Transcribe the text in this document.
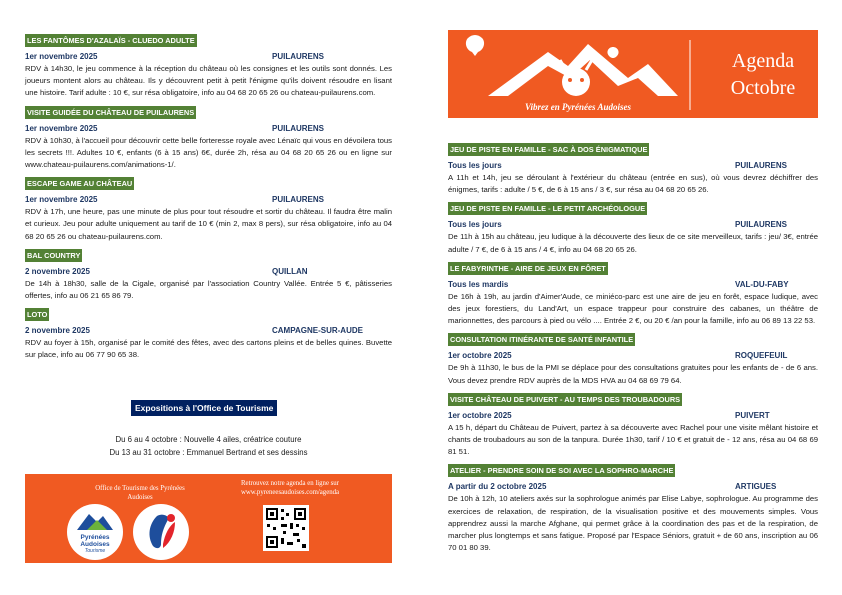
LES FANTÔMES D'AZALAÏS - CLUEDO ADULTE
1er novembre 2025	PUILAURENS
RDV à 14h30, le jeu commence à la réception du château où les consignes et les outils sont donnés. Les joueurs montent alors au château. Ils y découvrent petit à petit l'énigme qu'ils doivent résoudre en lisant une histoire. Tarif adulte : 10 €, sur résa obligatoire, info au 04 68 20 65 26 ou chateau-puilaurens.com.
VISITE GUIDÉE DU CHÂTEAU DE PUILAURENS
1er novembre 2025	PUILAURENS
RDV à 10h30, à l'accueil pour découvrir cette belle forteresse royale avec Lénaïc qui vous en dévoilera tous les secrets !!!. Adultes 10 €, enfants (6 à 15 ans) 6€, durée 2h, résa au 04 68 20 65 26 ou en ligne sur www.chateau-puilaurens.com/animations-1/.
ESCAPE GAME AU CHÂTEAU
1er novembre 2025	PUILAURENS
RDV à 17h, une heure, pas une minute de plus pour tout résoudre et sortir du château. Il faudra être malin et curieux. Jeu pour adulte uniquement au tarif de 10 € (min 2, max 8 pers), sur résa obligatoire, info au 04 68 20 65 26 ou chateau-puilaurens.com.
BAL COUNTRY
2 novembre 2025	QUILLAN
De 14h à 18h30, salle de la Cigale, organisé par l'association Country Vallée. Entrée 5 €, pâtisseries offertes, info au 06 21 65 86 79.
LOTO
2 novembre 2025	CAMPAGNE-SUR-AUDE
RDV au foyer à 15h, organisé par le comité des fêtes, avec des cartons pleins et de belles quines. Buvette sur place, info au 06 77 90 65 38.
Expositions à l'Office de Tourisme
Du 6 au 4 octobre : Nouvelle 4 ailes, créatrice couture
Du 13 au 31 octobre : Emmanuel Bertrand et ses dessins
Office de Tourisme des Pyrénées Audoises
Retrouvez notre agenda en ligne sur www.pyreneesaudoises.com/agenda
Pyrénées
Audoises
Tourisme
Agenda
Octobre
Vibrez en Pyrénées Audoises
JEU DE PISTE EN FAMILLE - SAC À DOS ÉNIGMATIQUE
Tous les jours	PUILAURENS
A 11h et 14h, jeu se déroulant à l'extérieur du château (entrée en sus), où vous devrez déchiffrer des énigmes, tarifs : adulte / 5 €, de 6 à 15 ans / 3 €, sur résa au 04 68 20 65 26.
JEU DE PISTE EN FAMILLE - LE PETIT ARCHÉOLOGUE
Tous les jours	PUILAURENS
De 11h à 15h au château, jeu ludique à la découverte des lieux de ce site merveilleux, tarifs : jeu/ 3€, entrée adulte / 7 €, de 6 à 15 ans / 4 €, info au 04 68 20 65 26.
LE FABYRINTHE - AIRE DE JEUX EN FÔRET
Tous les mardis	VAL-DU-FABY
De 16h à 19h, au jardin d'Aimer'Aude, ce miniéco-parc est une aire de jeu en forêt, espace ludique, avec des jeux forestiers, du Land'Art, un espace trappeur pour construire des cabanes, un théâtre de marionnettes, des parcours à pied ou vélo .... Entrée 2 €, ou 20 € /an pour la famille, info au 06 89 13 22 53.
CONSULTATION ITINÉRANTE DE SANTÉ INFANTILE
1er octobre 2025	ROQUEFEUIL
De 9h à 11h30, le bus de la PMI se déplace pour des consultations gratuites pour les enfants de - de 6 ans. Vous devez prendre RDV auprès de la MDS HVA au 04 68 69 79 64.
VISITE CHÂTEAU DE PUIVERT - AU TEMPS DES TROUBADOURS
1er octobre 2025	PUIVERT
A 15 h, départ du Château de Puivert, partez à sa découverte avec Rachel pour une visite mêlant histoire et chants de troubadours au son de la tanpura. Durée 1h30, tarif / 10 € et gratuit de - 12 ans, résa au 04 68 69 81 51.
ATELIER - PRENDRE SOIN DE SOI AVEC LA SOPHRO-MARCHE
A partir du 2 octobre 2025	ARTIGUES
De 10h à 12h, 10 ateliers axés sur la sophrologue animés par Elise Labye, sophrologue. Au programme des exercices de relaxation, de respiration, de la visualisation positive et des mouvements simples. Vous apprendrez aussi la marche Afghane, qui permet grâce à la coordination des pas et de la respiration, de marcher plus longtemps et sans fatigue. Proposé par l'Espace Séniors, gratuit + de 60 ans, inscription au 06 70 01 80 39.
